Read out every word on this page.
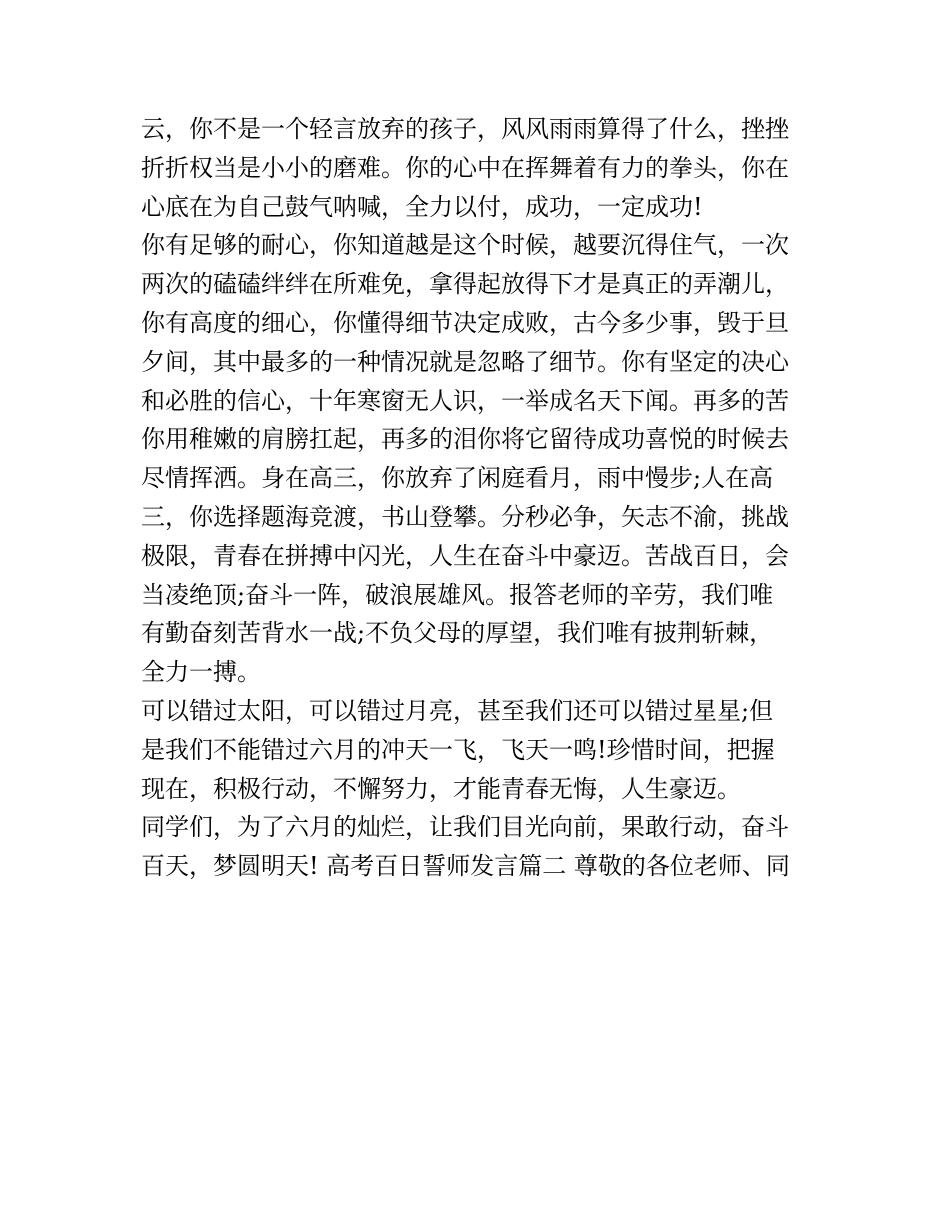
云，你不是一个轻言放弃的孩子，风风雨雨算得了什么，挫挫
折折权当是小小的磨难。你的心中在挥舞着有力的拳头，你在
心底在为自己鼓气呐喊，全力以付，成功，一定成功!
你有足够的耐心，你知道越是这个时候，越要沉得住气，一次
两次的磕磕绊绊在所难免，拿得起放得下才是真正的弄潮儿，
你有高度的细心，你懂得细节决定成败，古今多少事，毁于旦
夕间，其中最多的一种情况就是忽略了细节。你有坚定的决心
和必胜的信心，十年寒窗无人识，一举成名天下闻。再多的苦
你用稚嫩的肩膀扛起，再多的泪你将它留待成功喜悦的时候去
尽情挥洒。身在高三，你放弃了闲庭看月，雨中慢步;人在高
三，你选择题海竞渡，书山登攀。分秒必争，矢志不渝，挑战
极限，青春在拼搏中闪光，人生在奋斗中豪迈。苦战百日，会
当凌绝顶;奋斗一阵，破浪展雄风。报答老师的辛劳，我们唯
有勤奋刻苦背水一战;不负父母的厚望，我们唯有披荆斩棘，
全力一搏。
可以错过太阳，可以错过月亮，甚至我们还可以错过星星;但
是我们不能错过六月的冲天一飞，飞天一鸣!珍惜时间，把握
现在，积极行动，不懈努力，才能青春无悔，人生豪迈。
同学们，为了六月的灿烂，让我们目光向前，果敢行动，奋斗
百天，梦圆明天! 高考百日誓师发言篇二 尊敬的各位老师、同
